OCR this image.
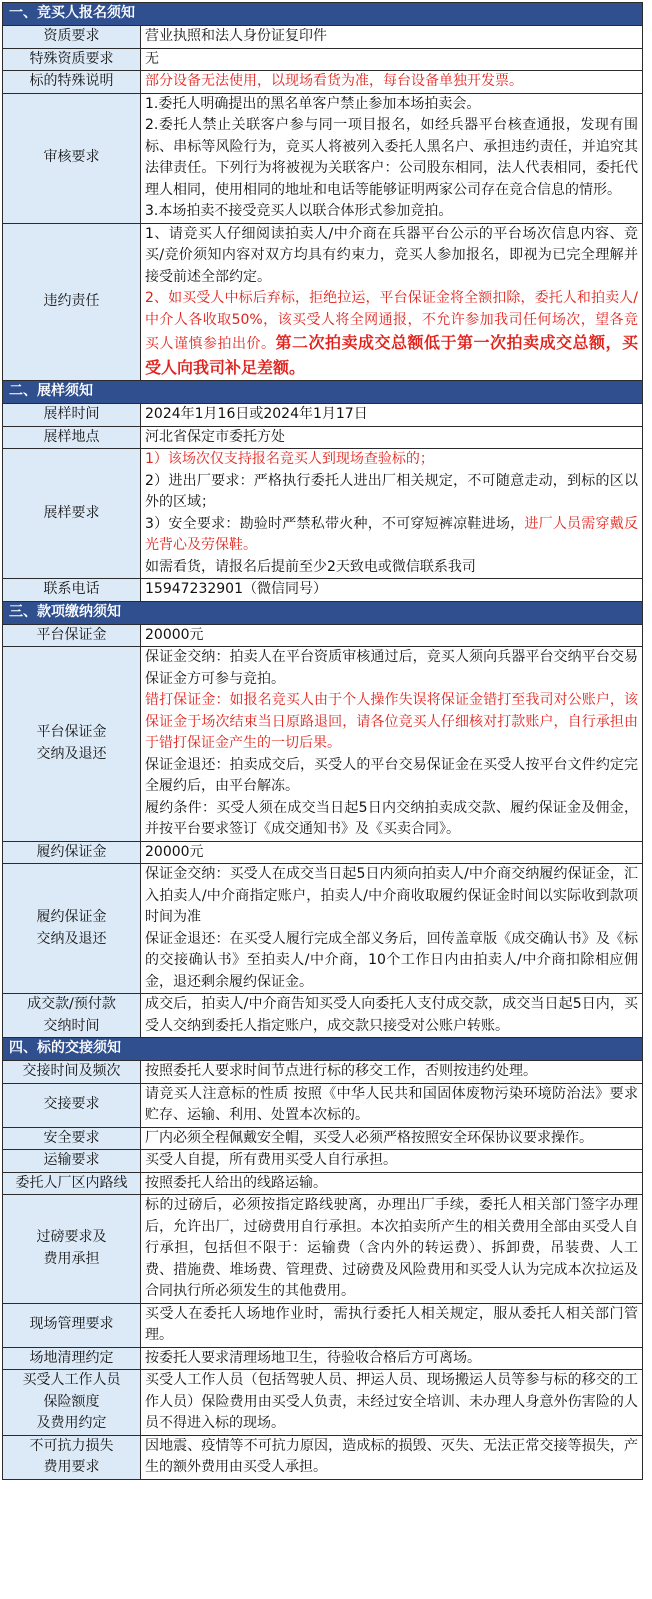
一、竞买人报名须知	
资质要求	营业执照和法人身份证复印件
特殊资质要求	无
标的特殊说明	部分设备无法使用，以现场看货为准，每台设备单独开发票。
审核要求	1.委托人明确提出的黑名单客户禁止参加本场拍卖会。
2.委托人禁止关联客户参与同一项目报名，如经兵器平台核查通报，发现有围标、串标等风险行为，竞买人将被列入委托人黑名户、承担违约责任，并追究其法律责任。下列行为将被视为关联客户：公司股东相同，法人代表相同，委托代理人相同，使用相同的地址和电话等能够证明两家公司存在竞合信息的情形。
3.本场拍卖不接受竞买人以联合体形式参加竞拍。

违约责任	1、请竞买人仔细阅读拍卖人/中介商在兵器平台公示的平台场次信息内容、竞买/竞价须知内容对双方均具有约束力，竞买人参加报名，即视为已完全理解并接受前述全部约定。
2、如买受人中标后弃标，拒绝拉运，平台保证金将全额扣除，委托人和拍卖人/中介人各收取50%，该买受人将全网通报，不允许参加我司任何场次，望各竞买人谨慎参拍出价。第二次拍卖成交总额低于第一次拍卖成交总额，买受人向我司补足差额。

二、展样须知	
展样时间	2024年1月16日或2024年1月17日
展样地点	河北省保定市委托方处
展样要求	1）该场次仅支持报名竞买人到现场查验标的；
2）进出厂要求：严格执行委托人进出厂相关规定，不可随意走动，到标的区以外的区域；
3）安全要求：勘验时严禁私带火种，不可穿短裤凉鞋进场，进厂人员需穿戴反光背心及劳保鞋。
如需看货，请报名后提前至少2天致电或微信联系我司

联系电话	15947232901（微信同号）
三、款项缴纳须知	
平台保证金	20000元

平台保证金
交纳及退还	保证金交纳：拍卖人在平台资质审核通过后，竞买人须向兵器平台交纳平台交易保证金方可参与竞拍。
错打保证金：如报名竞买人由于个人操作失误将保证金错打至我司对公账户，该保证金于场次结束当日原路退回，请各位竞买人仔细核对打款账户，自行承担由于错打保证金产生的一切后果。
保证金退还：拍卖成交后，买受人的平台交易保证金在买受人按平台文件约定完全履约后，由平台解冻。
履约条件：买受人须在成交当日起5日内交纳拍卖成交款、履约保证金及佣金，并按平台要求签订《成交通知书》及《买卖合同》。

履约保证金	20000元

履约保证金
交纳及退还	保证金交纳：买受人在成交当日起5日内须向拍卖人/中介商交纳履约保证金，汇入拍卖人/中介商指定账户，拍卖人/中介商收取履约保证金时间以实际收到款项时间为准
保证金退还：在买受人履行完成全部义务后，回传盖章版《成交确认书》及《标的交接确认书》至拍卖人/中介商，10个工作日内由拍卖人/中介商扣除相应佣金，退还剩余履约保证金。

成交款/预付款
交纳时间	成交后，拍卖人/中介商告知买受人向委托人支付成交款，成交当日起5日内，买受人交纳到委托人指定账户，成交款只接受对公账户转账。
四、标的交接须知	
交接时间及频次	按照委托人要求时间节点进行标的移交工作，否则按违约处理。
交接要求	请竞买人注意标的性质 按照《中华人民共和国固体废物污染环境防治法》要求贮存、运输、利用、处置本次标的。
安全要求	厂内必须全程佩戴安全帽，买受人必须严格按照安全环保协议要求操作。
运输要求	买受人自提，所有费用买受人自行承担。
委托人厂区内路线	按照委托人给出的线路运输。

过磅要求及
费用承担	标的过磅后，必须按指定路线驶离，办理出厂手续，委托人相关部门签字办理后，允许出厂，过磅费用自行承担。本次拍卖所产生的相关费用全部由买受人自行承担，包括但不限于：运输费（含内外的转运费）、拆卸费，吊装费、人工费、措施费、堆场费、管理费、过磅费及风险费用和买受人认为完成本次拉运及合同执行所必须发生的其他费用。
现场管理要求	买受人在委托人场地作业时，需执行委托人相关规定，服从委托人相关部门管理。
场地清理约定	按委托人要求清理场地卫生，待验收合格后方可离场。

买受人工作人员
保险额度
及费用约定	买受人工作人员（包括驾驶人员、押运人员、现场搬运人员等参与标的移交的工作人员）保险费用由买受人负责，未经过安全培训、未办理人身意外伤害险的人员不得进入标的现场。

不可抗力损失
费用要求	因地震、疫情等不可抗力原因，造成标的损毁、灭失、无法正常交接等损失，产生的额外费用由买受人承担。
